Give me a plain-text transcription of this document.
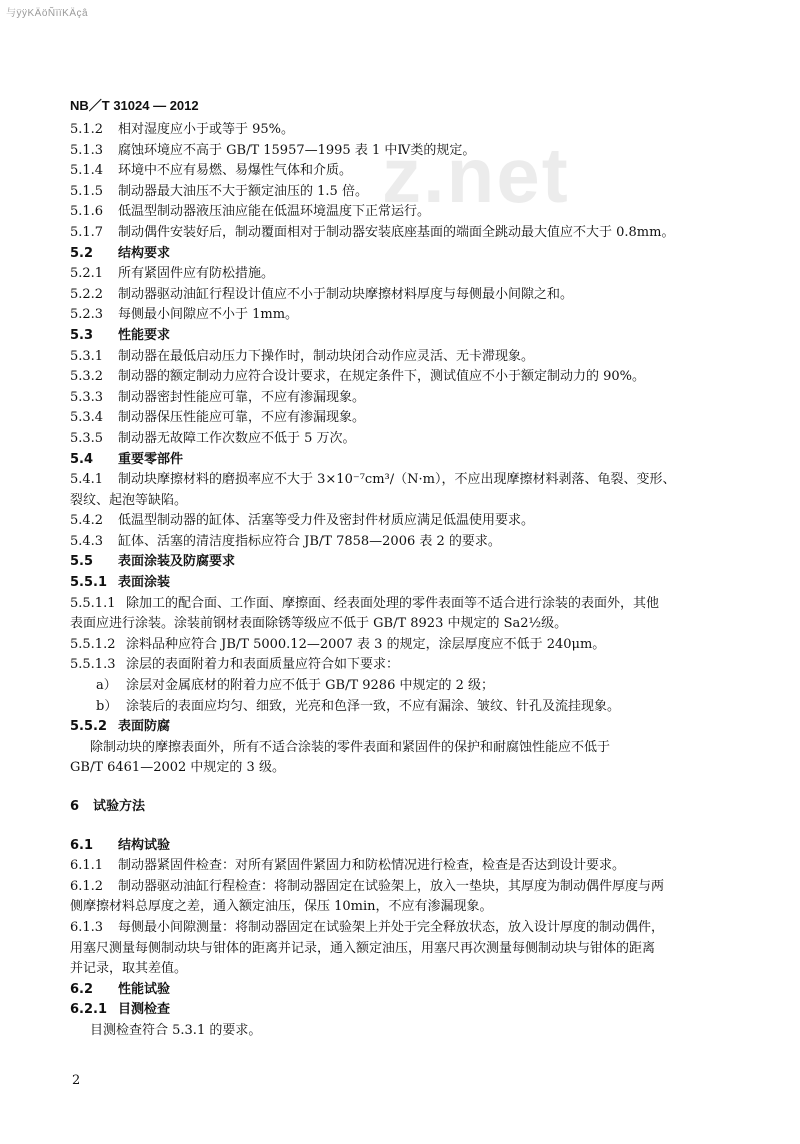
与ÿÿKÄöÑïïKÄçâ
NB／T 31024 — 2012
z.net
5.1.2 相对湿度应小于或等于 95%。
5.1.3 腐蚀环境应不高于 GB/T 15957—1995 表 1 中Ⅳ类的规定。
5.1.4 环境中不应有易燃、易爆性气体和介质。
5.1.5 制动器最大油压不大于额定油压的 1.5 倍。
5.1.6 低温型制动器液压油应能在低温环境温度下正常运行。
5.1.7 制动偶件安装好后，制动覆面相对于制动器安装底座基面的端面全跳动最大值应不大于 0.8mm。
5.2 结构要求
5.2.1 所有紧固件应有防松措施。
5.2.2 制动器驱动油缸行程设计值应不小于制动块摩擦材料厚度与每侧最小间隙之和。
5.2.3 每侧最小间隙应不小于 1mm。
5.3 性能要求
5.3.1 制动器在最低启动压力下操作时，制动块闭合动作应灵活、无卡滞现象。
5.3.2 制动器的额定制动力应符合设计要求，在规定条件下，测试值应不小于额定制动力的 90%。
5.3.3 制动器密封性能应可靠，不应有渗漏现象。
5.3.4 制动器保压性能应可靠，不应有渗漏现象。
5.3.5 制动器无故障工作次数应不低于 5 万次。
5.4 重要零部件
5.4.1 制动块摩擦材料的磨损率应不大于 3×10⁻⁷cm³/（N·m），不应出现摩擦材料剥落、龟裂、变形、
裂纹、起泡等缺陷。
5.4.2 低温型制动器的缸体、活塞等受力件及密封件材质应满足低温使用要求。
5.4.3 缸体、活塞的清洁度指标应符合 JB/T 7858—2006 表 2 的要求。
5.5 表面涂装及防腐要求
5.5.1 表面涂装
5.5.1.1 除加工的配合面、工作面、摩擦面、经表面处理的零件表面等不适合进行涂装的表面外，其他
表面应进行涂装。涂装前钢材表面除锈等级应不低于 GB/T 8923 中规定的 Sa2½级。
5.5.1.2 涂料品种应符合 JB/T 5000.12—2007 表 3 的规定，涂层厚度应不低于 240μm。
5.5.1.3 涂层的表面附着力和表面质量应符合如下要求：
a） 涂层对金属底材的附着力应不低于 GB/T 9286 中规定的 2 级；
b） 涂装后的表面应均匀、细致，光亮和色泽一致，不应有漏涂、皱纹、针孔及流挂现象。
5.5.2 表面防腐
除制动块的摩擦表面外，所有不适合涂装的零件表面和紧固件的保护和耐腐蚀性能应不低于
GB/T 6461—2002 中规定的 3 级。
6 试验方法
6.1 结构试验
6.1.1 制动器紧固件检查：对所有紧固件紧固力和防松情况进行检查，检查是否达到设计要求。
6.1.2 制动器驱动油缸行程检查：将制动器固定在试验架上，放入一垫块，其厚度为制动偶件厚度与两
侧摩擦材料总厚度之差，通入额定油压，保压 10min，不应有渗漏现象。
6.1.3 每侧最小间隙测量：将制动器固定在试验架上并处于完全释放状态，放入设计厚度的制动偶件，
用塞尺测量每侧制动块与钳体的距离并记录，通入额定油压，用塞尺再次测量每侧制动块与钳体的距离
并记录，取其差值。
6.2 性能试验
6.2.1 目测检查
目测检查符合 5.3.1 的要求。
2
